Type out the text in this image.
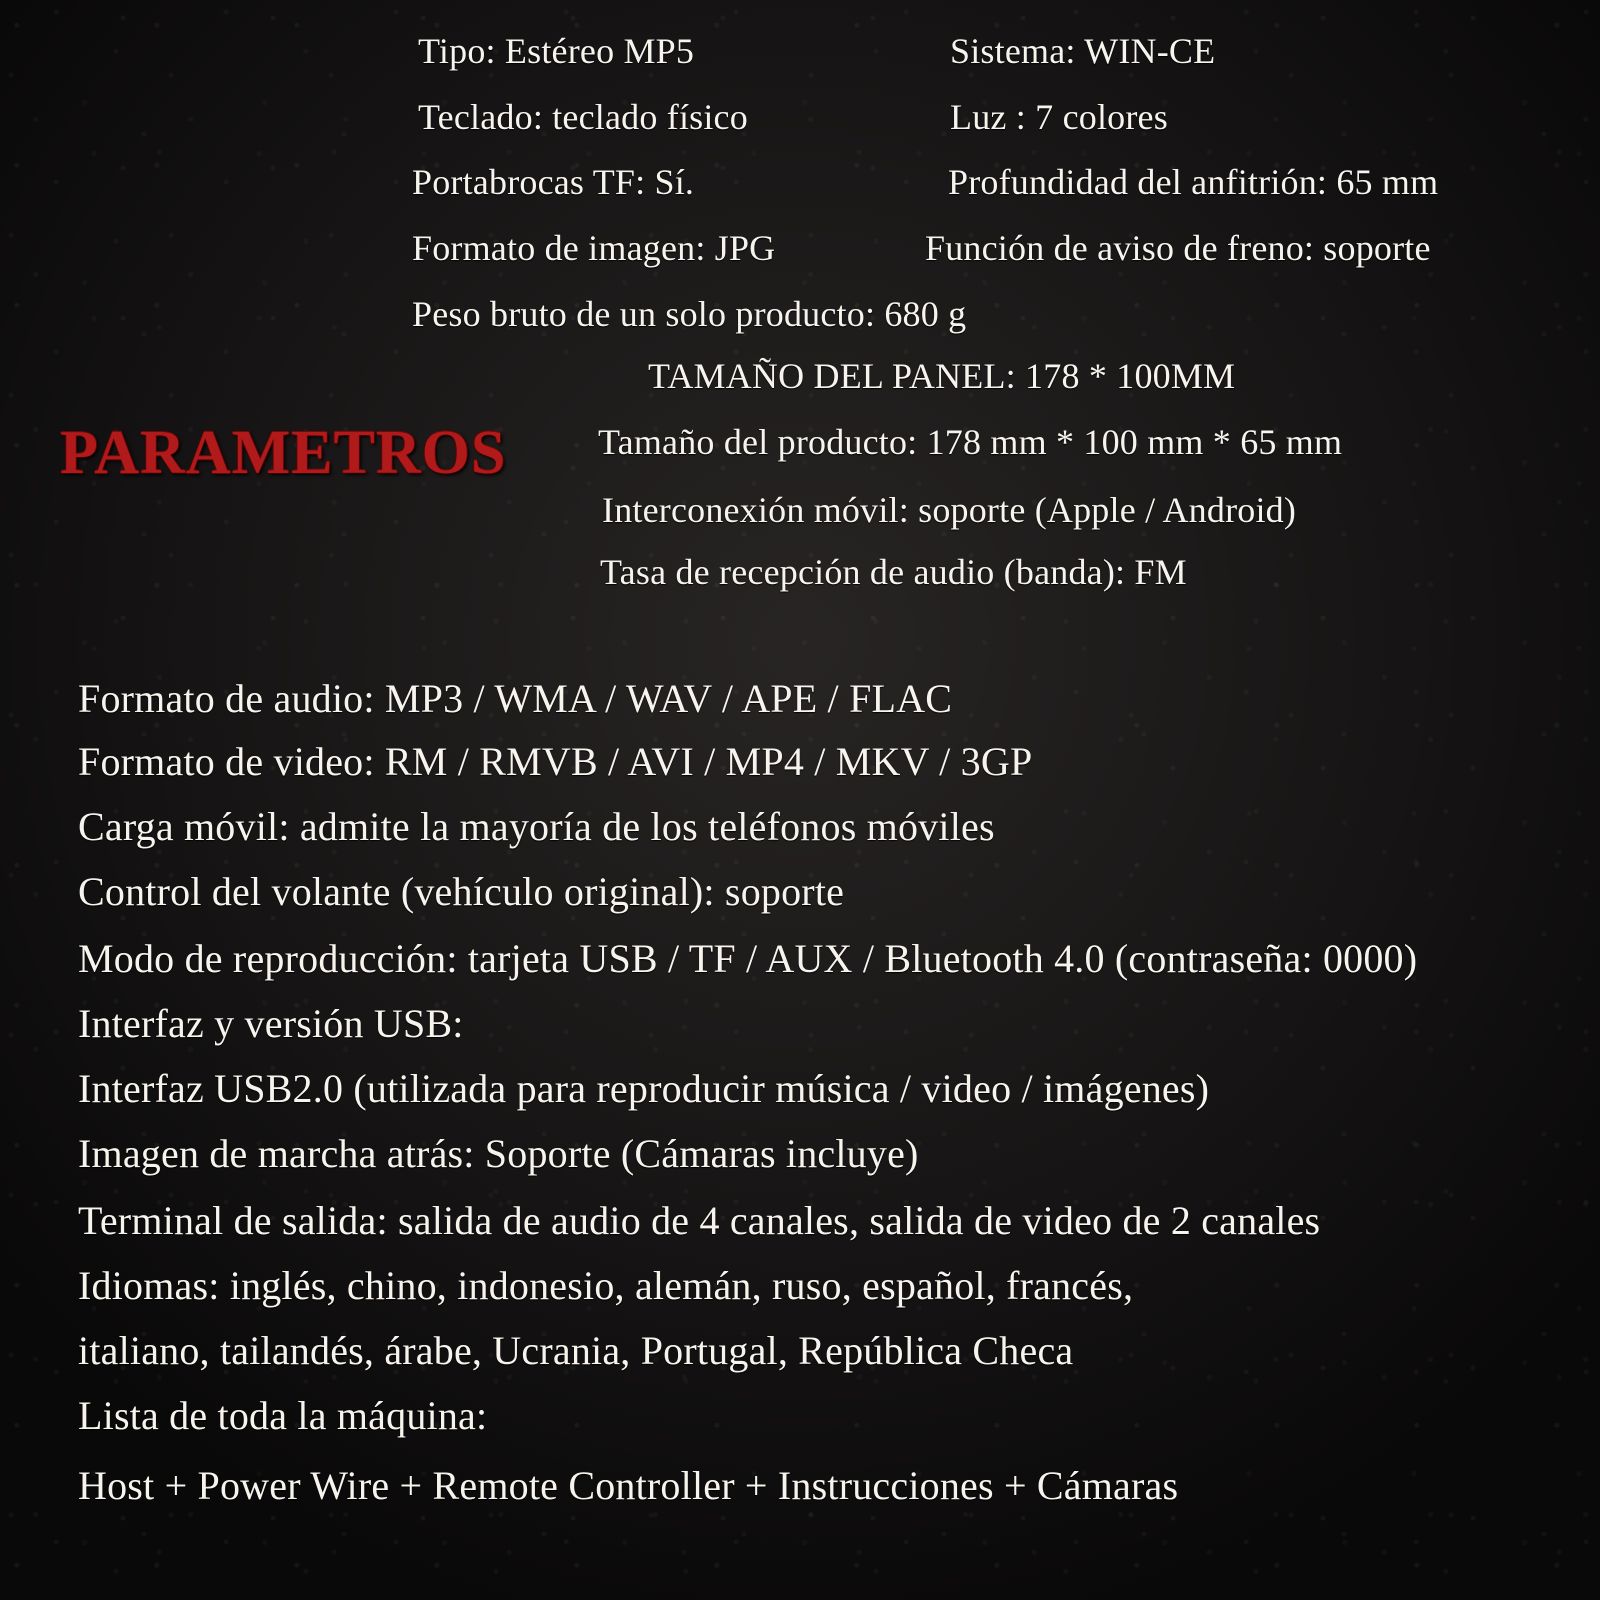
Tipo: Estéreo MP5
Teclado: teclado físico
Portabrocas TF: Sí.
Formato de imagen: JPG
Peso bruto de un solo producto: 680 g
Sistema: WIN-CE
Luz : 7 colores
Profundidad del anfitrión: 65 mm
Función de aviso de freno: soporte
TAMAÑO DEL PANEL: 178 * 100MM
Tamaño del producto: 178 mm * 100 mm * 65 mm
Interconexión móvil: soporte (Apple / Android)
Tasa de recepción de audio (banda): FM
PARAMETROS
Formato de audio: MP3 / WMA / WAV / APE / FLAC
Formato de video: RM / RMVB / AVI / MP4 / MKV / 3GP
Carga móvil: admite la mayoría de los teléfonos móviles
Control del volante (vehículo original): soporte
Modo de reproducción: tarjeta USB / TF / AUX / Bluetooth 4.0 (contraseña: 0000)
Interfaz y versión USB:
Interfaz USB2.0 (utilizada para reproducir música / video / imágenes)
Imagen de marcha atrás: Soporte (Cámaras incluye)
Terminal de salida: salida de audio de 4 canales, salida de video de 2 canales
Idiomas: inglés, chino, indonesio, alemán, ruso, español, francés,
italiano, tailandés, árabe, Ucrania, Portugal, República Checa
Lista de toda la máquina:
Host + Power Wire + Remote Controller + Instrucciones + Cámaras
